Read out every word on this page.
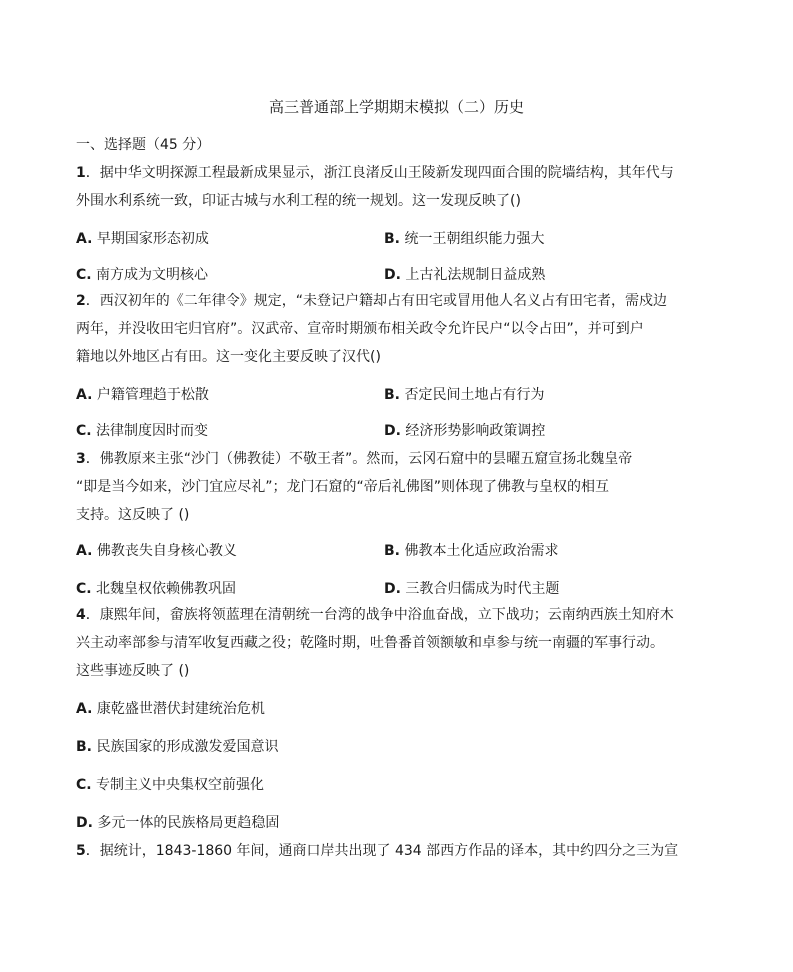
高三普通部上学期期末模拟（二）历史
一、选择题（45 分）
1．据中华文明探源工程最新成果显示，浙江良渚反山王陵新发现四面合围的院墙结构，其年代与
外围水利系统一致，印证古城与水利工程的统一规划。这一发现反映了()
A. 早期国家形态初成	B. 统一王朝组织能力强大
C. 南方成为文明核心	D. 上古礼法规制日益成熟
2．西汉初年的《二年律令》规定，“未登记户籍却占有田宅或冒用他人名义占有田宅者，需戍边
两年，并没收田宅归官府”。汉武帝、宣帝时期颁布相关政令允许民户“以令占田”，并可到户
籍地以外地区占有田。这一变化主要反映了汉代()
A. 户籍管理趋于松散	B. 否定民间土地占有行为
C. 法律制度因时而变	D. 经济形势影响政策调控
3．佛教原来主张“沙门（佛教徒）不敬王者”。然而，云冈石窟中的昙曜五窟宣扬北魏皇帝
“即是当今如来，沙门宜应尽礼”；龙门石窟的“帝后礼佛图”则体现了佛教与皇权的相互
支持。这反映了 ()
A. 佛教丧失自身核心教义	B. 佛教本土化适应政治需求
C. 北魏皇权依赖佛教巩固	D. 三教合归儒成为时代主题
4．康熙年间，畲族将领蓝理在清朝统一台湾的战争中浴血奋战，立下战功；云南纳西族土知府木
兴主动率部参与清军收复西藏之役；乾隆时期，吐鲁番首领额敏和卓参与统一南疆的军事行动。
这些事迹反映了 ()
A. 康乾盛世潜伏封建统治危机
B. 民族国家的形成激发爱国意识
C. 专制主义中央集权空前强化
D. 多元一体的民族格局更趋稳固
5．据统计，1843-1860 年间，通商口岸共出现了 434 部西方作品的译本，其中约四分之三为宣
